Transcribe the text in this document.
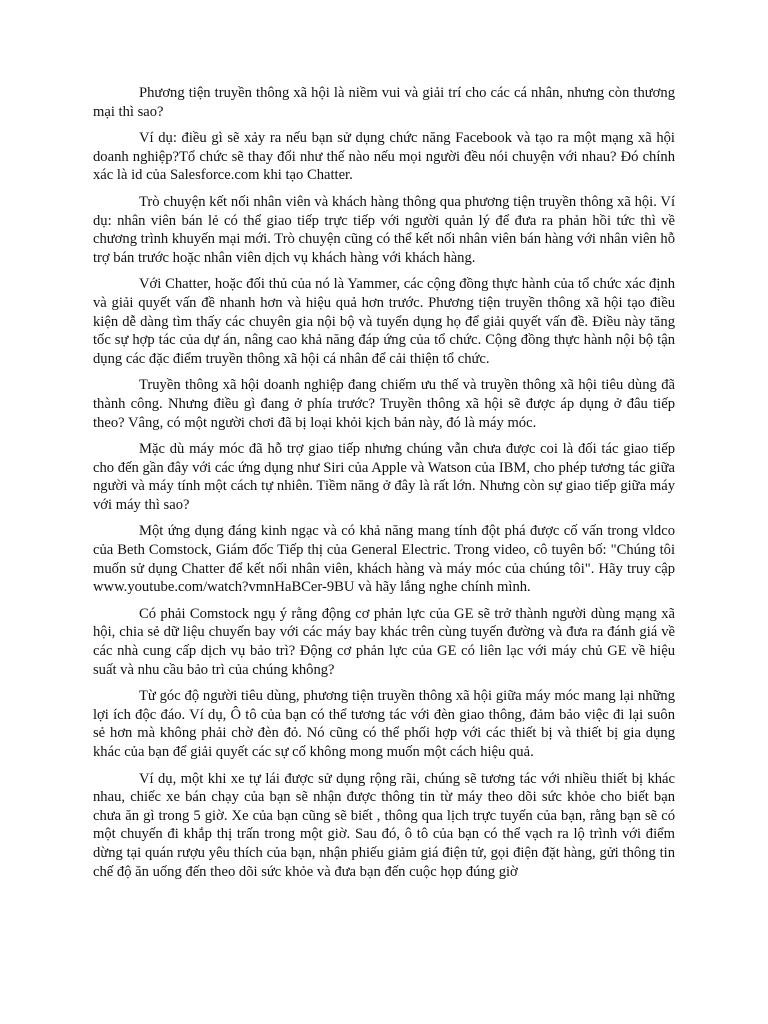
Phương tiện truyền thông xã hội là niềm vui và giải trí cho các cá nhân, nhưng còn thương mại thì sao?

Ví dụ: điều gì sẽ xảy ra nếu bạn sử dụng chức năng Facebook và tạo ra một mạng xã hội doanh nghiệp?Tổ chức sẽ thay đổi như thế nào nếu mọi người đều nói chuyện với nhau? Đó chính xác là id của Salesforce.com khi tạo Chatter.

Trò chuyện kết nối nhân viên và khách hàng thông qua phương tiện truyền thông xã hội. Ví dụ: nhân viên bán lẻ có thể giao tiếp trực tiếp với người quản lý để đưa ra phản hồi tức thì về chương trình khuyến mại mới. Trò chuyện cũng có thể kết nối nhân viên bán hàng với nhân viên hỗ trợ bán trước hoặc nhân viên dịch vụ khách hàng với khách hàng.

Với Chatter, hoặc đối thủ của nó là Yammer, các cộng đồng thực hành của tổ chức xác định và giải quyết vấn đề nhanh hơn và hiệu quả hơn trước. Phương tiện truyền thông xã hội tạo điều kiện dễ dàng tìm thấy các chuyên gia nội bộ và tuyển dụng họ để giải quyết vấn đề. Điều này tăng tốc sự hợp tác của dự án, nâng cao khả năng đáp ứng của tổ chức. Cộng đồng thực hành nội bộ tận dụng các đặc điểm truyền thông xã hội cá nhân để cải thiện tổ chức.

Truyền thông xã hội doanh nghiệp đang chiếm ưu thế và truyền thông xã hội tiêu dùng đã thành công. Nhưng điều gì đang ở phía trước? Truyền thông xã hội sẽ được áp dụng ở đâu tiếp theo? Vâng, có một người chơi đã bị loại khỏi kịch bản này, đó là máy móc.

Mặc dù máy móc đã hỗ trợ giao tiếp nhưng chúng vẫn chưa được coi là đối tác giao tiếp cho đến gần đây với các ứng dụng như Siri của Apple và Watson của IBM, cho phép tương tác giữa người và máy tính một cách tự nhiên. Tiềm năng ở đây là rất lớn. Nhưng còn sự giao tiếp giữa máy với máy thì sao?

Một ứng dụng đáng kinh ngạc và có khả năng mang tính đột phá được cố vấn trong vldco của Beth Comstock, Giám đốc Tiếp thị của General Electric. Trong video, cô tuyên bố: "Chúng tôi muốn sử dụng Chatter để kết nối nhân viên, khách hàng và máy móc của chúng tôi". Hãy truy cập www.youtube.com/watch?vmnHaBCer-9BU và hãy lắng nghe chính mình.

Có phải Comstock ngụ ý rằng động cơ phản lực của GE sẽ trở thành người dùng mạng xã hội, chia sẻ dữ liệu chuyến bay với các máy bay khác trên cùng tuyến đường và đưa ra đánh giá về các nhà cung cấp dịch vụ bảo trì? Động cơ phản lực của GE có liên lạc với máy chủ GE về hiệu suất và nhu cầu bảo trì của chúng không?

Từ góc độ người tiêu dùng, phương tiện truyền thông xã hội giữa máy móc mang lại những lợi ích độc đáo. Ví dụ, Ô tô của bạn có thể tương tác với đèn giao thông, đảm bảo việc đi lại suôn sẻ hơn mà không phải chờ đèn đỏ. Nó cũng có thể phối hợp với các thiết bị và thiết bị gia dụng khác của bạn để giải quyết các sự cố không mong muốn một cách hiệu quả.

Ví dụ, một khi xe tự lái được sử dụng rộng rãi, chúng sẽ tương tác với nhiều thiết bị khác nhau, chiếc xe bán chạy của bạn sẽ nhận được thông tin từ máy theo dõi sức khỏe cho biết bạn chưa ăn gì trong 5 giờ. Xe của bạn cũng sẽ biết , thông qua lịch trực tuyến của bạn, rằng bạn sẽ có một chuyến đi khắp thị trấn trong một giờ. Sau đó, ô tô của bạn có thể vạch ra lộ trình với điểm dừng tại quán rượu yêu thích của bạn, nhận phiếu giảm giá điện tử, gọi điện đặt hàng, gửi thông tin chế độ ăn uống đến theo dõi sức khỏe và đưa bạn đến cuộc họp đúng giờ
